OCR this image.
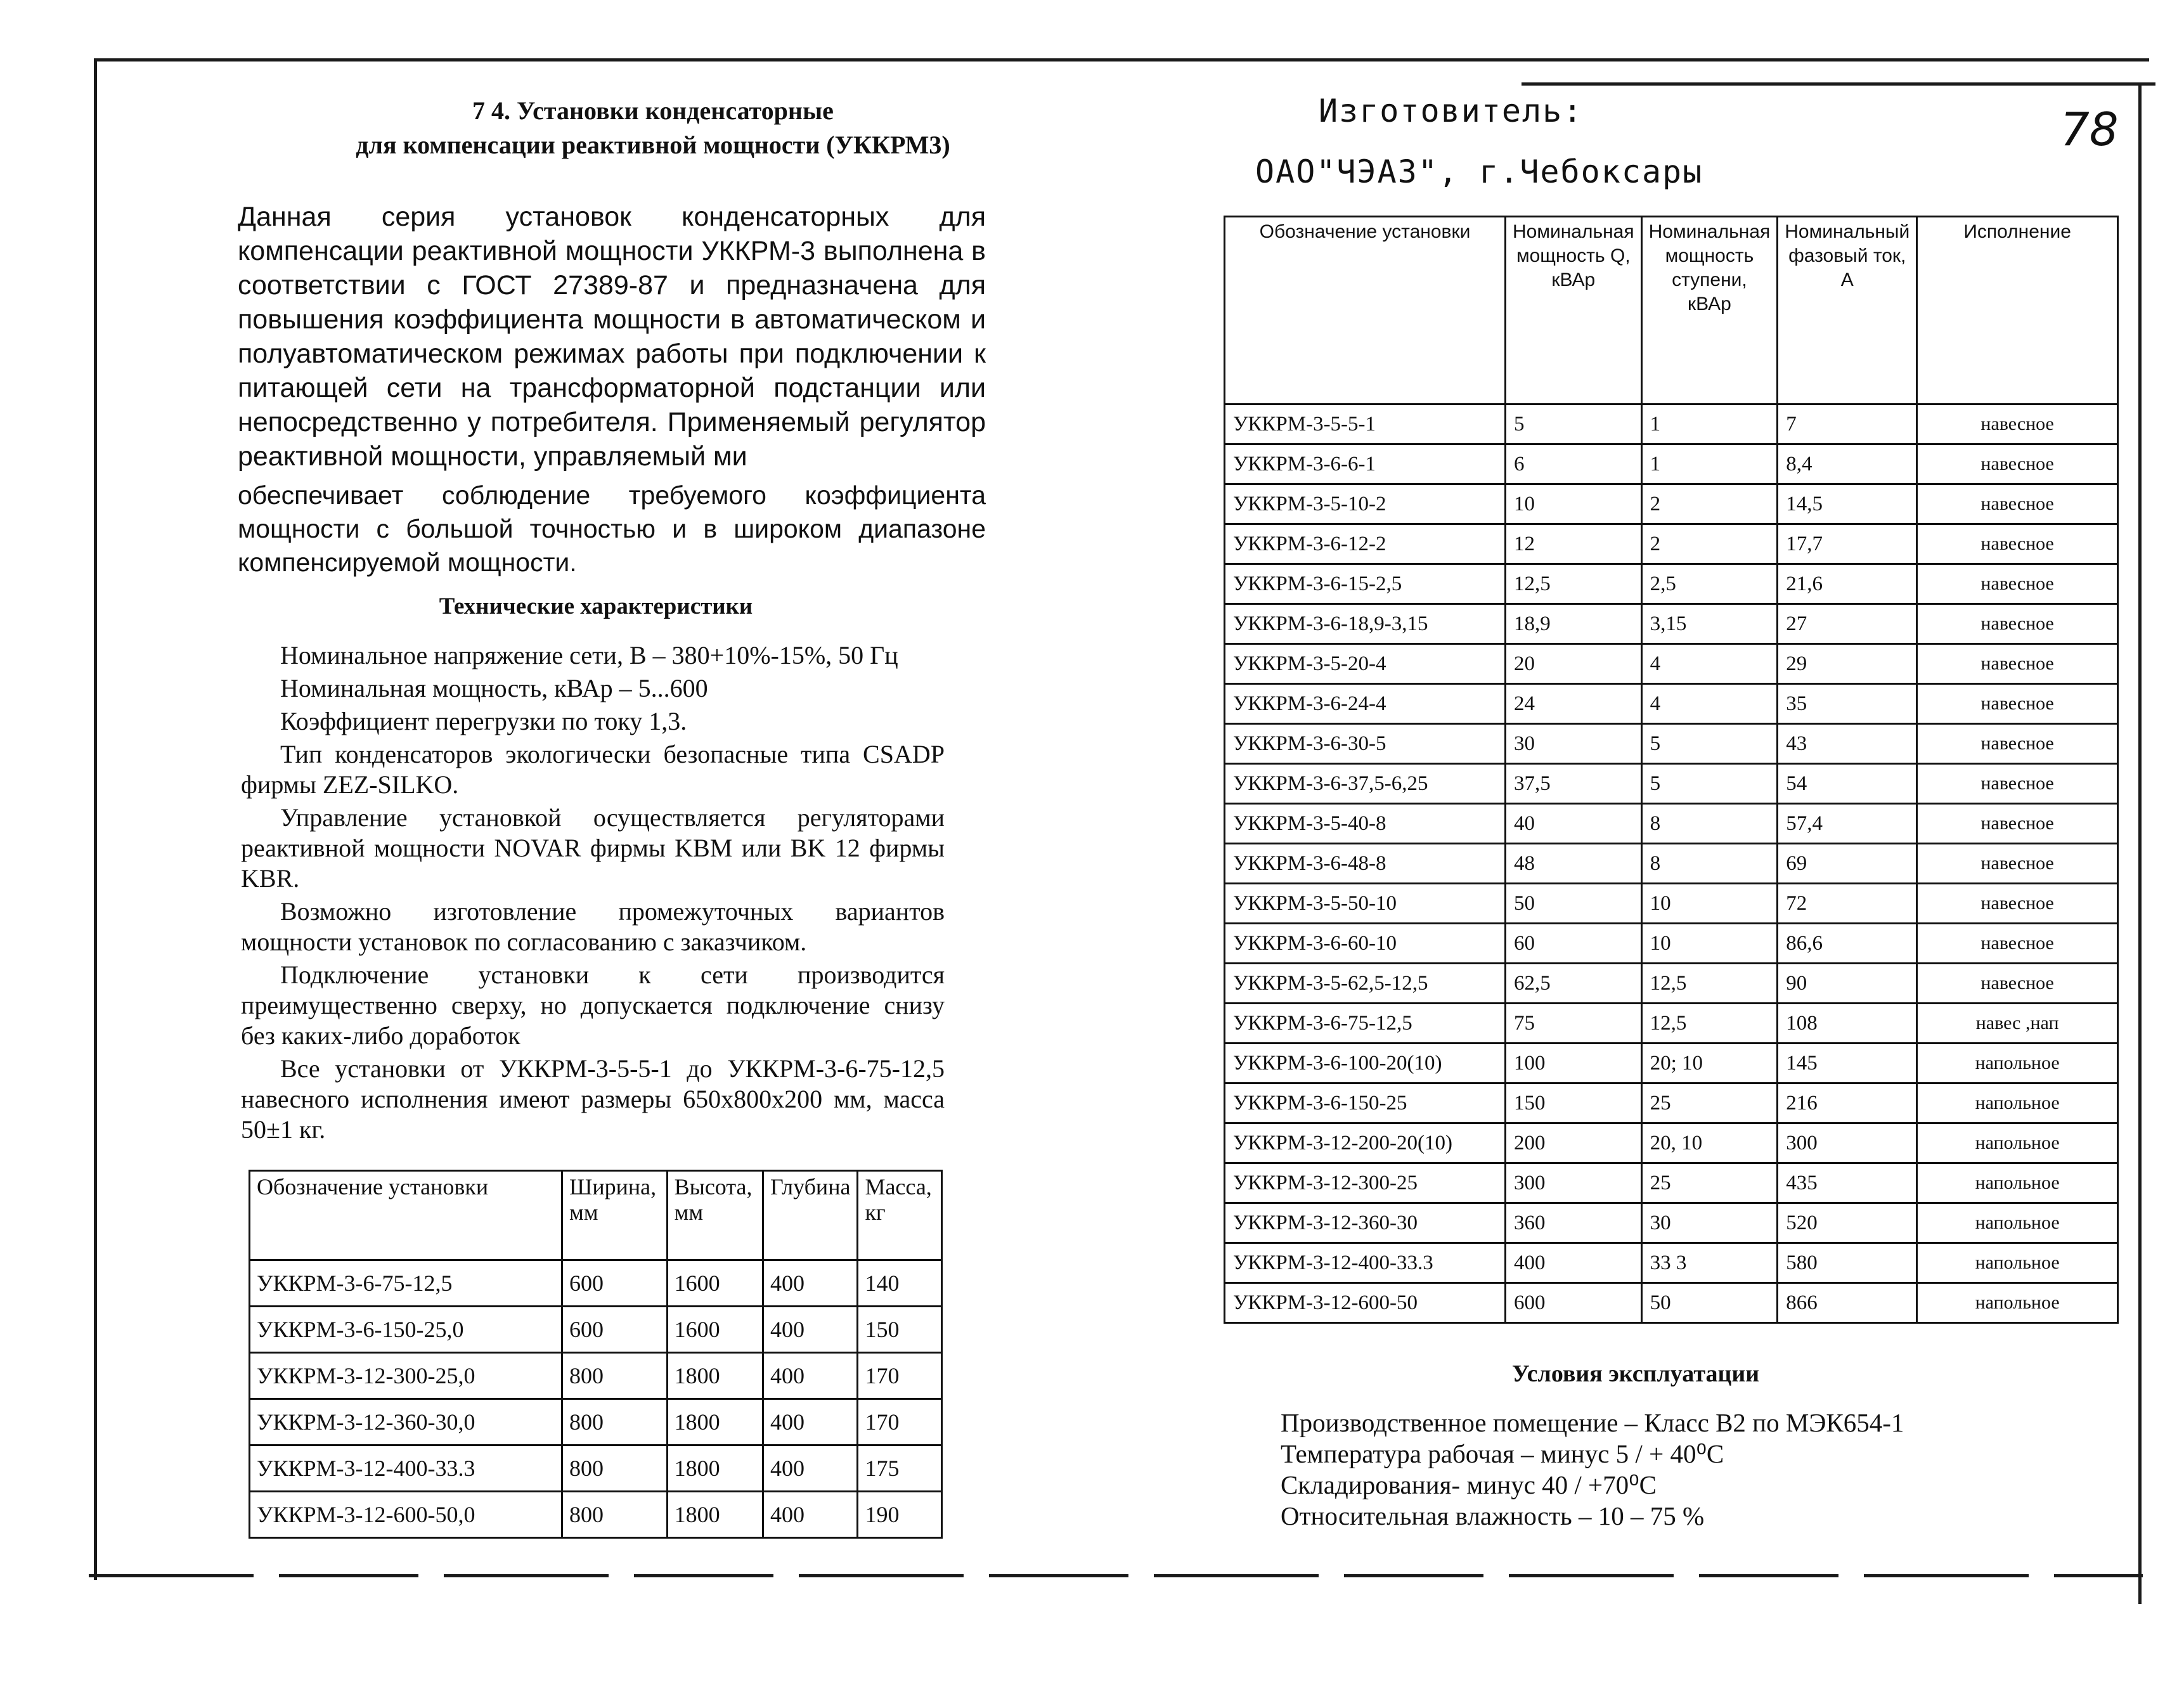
7 4. Установки конденсаторные
для компенсации реактивной мощности (УККРМ3)
Изготовитель:
ОАО"ЧЭАЗ", г.Чебоксары
78

Данная серия установок конденсаторных для компенсации реактивной мощности УККРМ-3 выполнена в соответствии с ГОСТ 27389-87 и предназначена для повышения коэффициента мощности в автоматическом и полуавтоматическом режимах работы при подключении к питающей сети на трансформаторной подстанции или непосредственно у потребителя. Применяемый регулятор реактивной мощности, управляемый ми

обеспечивает соблюдение требуемого коэффициента мощности с большой точностью и в широком диапазоне компенсируемой мощности.

Технические характеристики

Номинальное напряжение сети, В – 380+10%-15%, 50 Гц

Номинальная мощность, кВАр – 5...600

Коэффициент перегрузки по току 1,3.

Тип конденсаторов экологически безопасные типа CSADP фирмы ZEZ-SILKO.

Управление установкой осуществляется регуляторами реактивной мощности NOVAR фирмы KBM или BK 12 фирмы KBR.

Возможно изготовление промежуточных вариантов мощности установок по согласованию с заказчиком.

Подключение установки к сети производится преимущественно сверху, но допускается подключение снизу без каких-либо доработок

Все установки от УККРМ-3-5-5-1 до УККРМ-3-6-75-12,5 навесного исполнения имеют размеры 650х800х200 мм, масса 50±1 кг.

Обозначение установки	Ширина, мм	Высота, мм	Глубина	Масса, кг
УККРМ-3-6-75-12,5	600	1600	400	140
УККРМ-3-6-150-25,0	600	1600	400	150
УККРМ-3-12-300-25,0	800	1800	400	170
УККРМ-3-12-360-30,0	800	1800	400	170
УККРМ-3-12-400-33.3	800	1800	400	175
УККРМ-3-12-600-50,0	800	1800	400	190
Обозначение установки	Номинальная мощность Q, кВАр	Номинальная мощность ступени, кВАр	Номинальный фазовый ток, А	Исполнение
УККРМ-3-5-5-1	5	1	7	навесное
УККРМ-3-6-6-1	6	1	8,4	навесное
УККРМ-3-5-10-2	10	2	14,5	навесное
УККРМ-3-6-12-2	12	2	17,7	навесное
УККРМ-3-6-15-2,5	12,5	2,5	21,6	навесное
УККРМ-3-6-18,9-3,15	18,9	3,15	27	навесное
УККРМ-3-5-20-4	20	4	29	навесное
УККРМ-3-6-24-4	24	4	35	навесное
УККРМ-3-6-30-5	30	5	43	навесное
УККРМ-3-6-37,5-6,25	37,5	5	54	навесное
УККРМ-3-5-40-8	40	8	57,4	навесное
УККРМ-3-6-48-8	48	8	69	навесное
УККРМ-3-5-50-10	50	10	72	навесное
УККРМ-3-6-60-10	60	10	86,6	навесное
УККРМ-3-5-62,5-12,5	62,5	12,5	90	навесное
УККРМ-3-6-75-12,5	75	12,5	108	навес ,нап
УККРМ-3-6-100-20(10)	100	20; 10	145	напольное
УККРМ-3-6-150-25	150	25	216	напольное
УККРМ-3-12-200-20(10)	200	20, 10	300	напольное
УККРМ-3-12-300-25	300	25	435	напольное
УККРМ-3-12-360-30	360	30	520	напольное
УККРМ-3-12-400-33.3	400	33 3	580	напольное
УККРМ-3-12-600-50	600	50	866	напольное
Условия эксплуатации

Производственное помещение – Класс В2 по МЭК654-1

Температура рабочая – минус 5 / + 40⁰С

Складирования- минус 40 / +70⁰С

Относительная влажность – 10 – 75 %
